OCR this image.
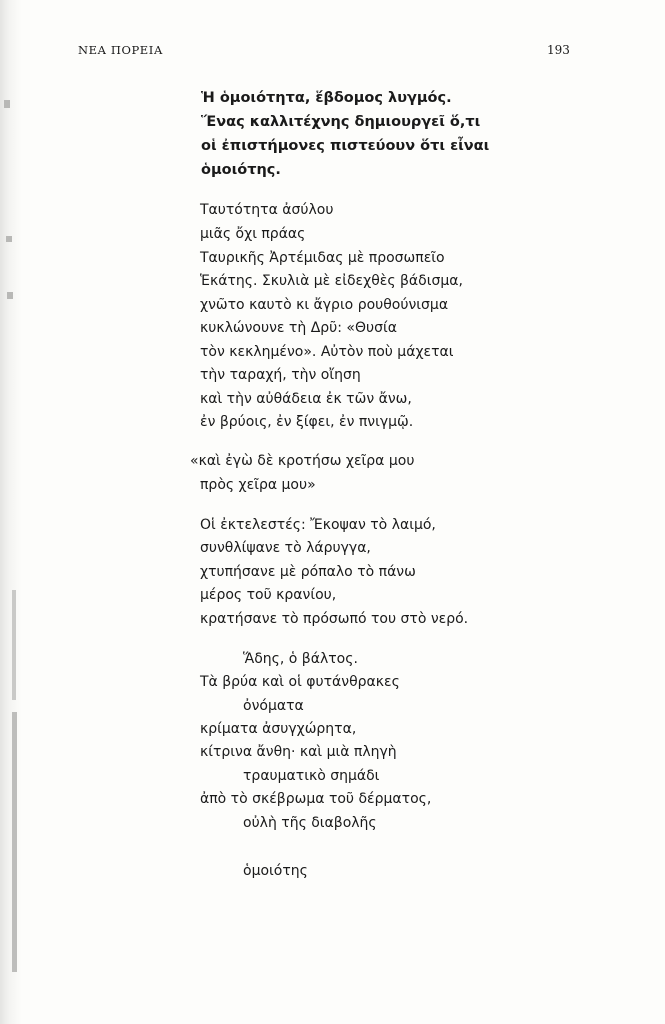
ΝΕΑ ΠΟΡΕΙΑ	193
Ἡ ὁμοιότητα, ἕβδομος λυγμός.
Ἕνας καλλιτέχνης δημιουργεῖ ὅ,τι
οἱ ἐπιστήμονες πιστεύουν ὅτι εἶναι
ὁμοιότης.
Ταυτότητα ἀσύλου
μιᾶς ὄχι πράας
Ταυρικῆς Ἀρτέμιδας μὲ προσωπεῖο
Ἑκάτης. Σκυλιὰ μὲ εἰδεχθὲς βάδισμα,
χνῶτο καυτὸ κι ἄγριο ρουθούνισμα
κυκλώνουνε τὴ Δρῦ: «Θυσία
τὸν κεκλημένο». Αὐτὸν ποὺ μάχεται
τὴν ταραχή, τὴν οἴηση
καὶ τὴν αὐθάδεια ἐκ τῶν ἄνω,
ἐν βρύοις, ἐν ξίφει, ἐν πνιγμῷ.
«καὶ ἐγὼ δὲ κροτήσω χεῖρα μου
πρὸς χεῖρα μου»
Οἱ ἐκτελεστές: Ἔκοψαν τὸ λαιμό,
συνθλίψανε τὸ λάρυγγα,
χτυπήσανε μὲ ρόπαλο τὸ πάνω
μέρος τοῦ κρανίου,
κρατήσανε τὸ πρόσωπό του στὸ νερό.
Ἅδης, ὁ βάλτος.
Τὰ βρύα καὶ οἱ φυτάνθρακες
ὀνόματα
κρίματα ἀσυγχώρητα,
κίτρινα ἄνθη· καὶ μιὰ πληγὴ
τραυματικὸ σημάδι
ἀπὸ τὸ σκέβρωμα τοῦ δέρματος,
οὐλὴ τῆς διαβολῆς
ὁμοιότης
